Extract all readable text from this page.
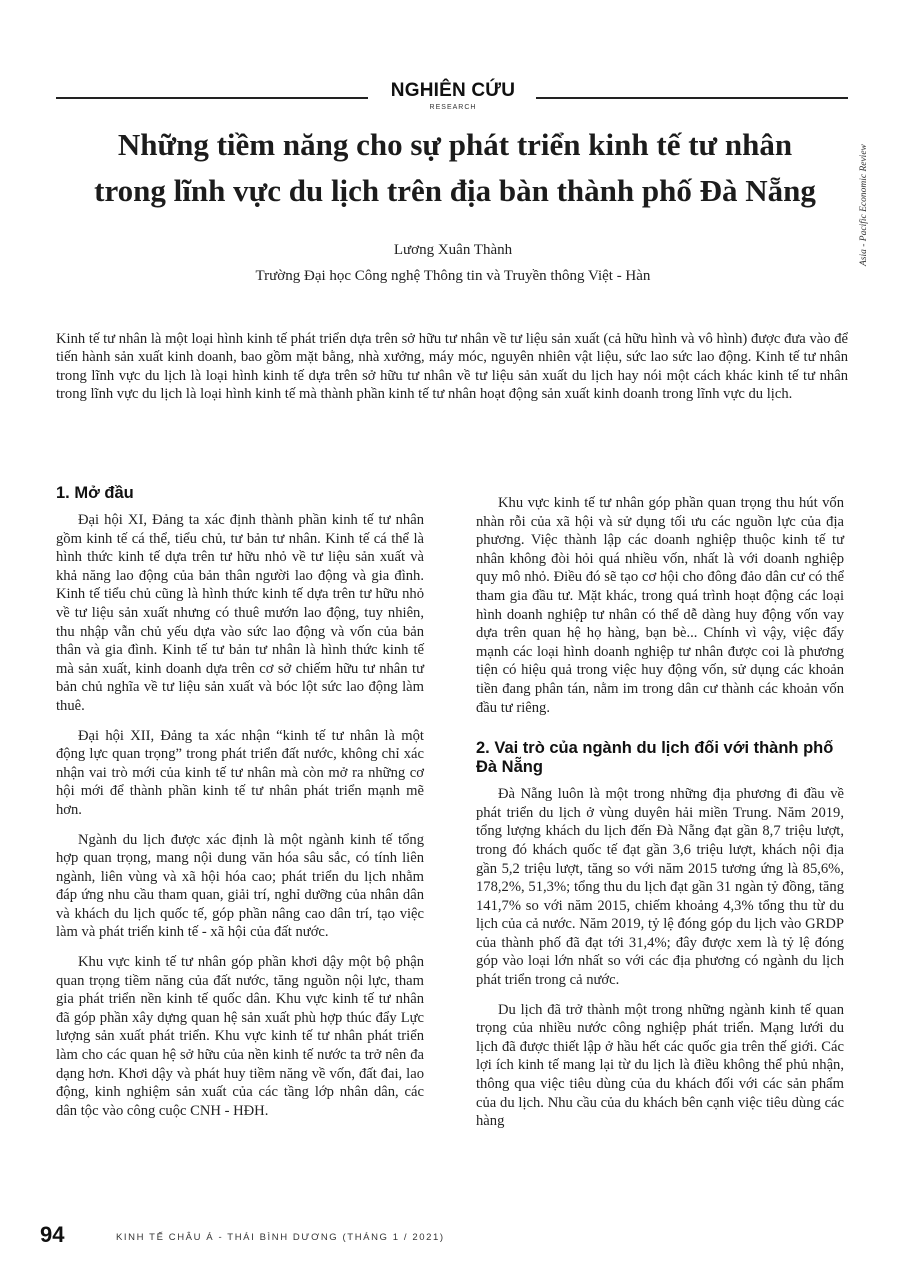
NGHIÊN CỨU
RESEARCH
Asia - Pacific Economic Review
Những tiềm năng cho sự phát triển kinh tế tư nhân
trong lĩnh vực du lịch trên địa bàn thành phố Đà Nẵng
Lương Xuân Thành
Trường Đại học Công nghệ Thông tin và Truyền thông Việt - Hàn

Kinh tế tư nhân là một loại hình kinh tế phát triển dựa trên sở hữu tư nhân về tư liệu sản xuất (cả hữu hình và vô hình) được đưa vào để tiến hành sản xuất kinh doanh, bao gồm mặt bằng, nhà xưởng, máy móc, nguyên nhiên vật liệu, sức lao sức lao động. Kinh tế tư nhân trong lĩnh vực du lịch là loại hình kinh tế dựa trên sở hữu tư nhân về tư liệu sản xuất du lịch hay nói một cách khác kinh tế tư nhân trong lĩnh vực du lịch là loại hình kinh tế mà thành phần kinh tế tư nhân hoạt động sản xuất kinh doanh trong lĩnh vực du lịch.

1. Mở đầu

Đại hội XI, Đảng ta xác định thành phần kinh tế tư nhân gồm kinh tế cá thể, tiểu chủ, tư bản tư nhân. Kinh tế cá thể là hình thức kinh tế dựa trên tư hữu nhỏ về tư liệu sản xuất và khả năng lao động của bản thân người lao động và gia đình. Kinh tế tiểu chủ cũng là hình thức kinh tế dựa trên tư hữu nhỏ về tư liệu sản xuất nhưng có thuê mướn lao động, tuy nhiên, thu nhập vẫn chủ yếu dựa vào sức lao động và vốn của bản thân và gia đình. Kinh tế tư bản tư nhân là hình thức kinh tế mà sản xuất, kinh doanh dựa trên cơ sở chiếm hữu tư nhân tư bản chủ nghĩa về tư liệu sản xuất và bóc lột sức lao động làm thuê.

Đại hội XII, Đảng ta xác nhận “kinh tế tư nhân là một động lực quan trọng” trong phát triển đất nước, không chỉ xác nhận vai trò mới của kinh tế tư nhân mà còn mở ra những cơ hội mới để thành phần kinh tế tư nhân phát triển mạnh mẽ hơn.

Ngành du lịch được xác định là một ngành kinh tế tổng hợp quan trọng, mang nội dung văn hóa sâu sắc, có tính liên ngành, liên vùng và xã hội hóa cao; phát triển du lịch nhằm đáp ứng nhu cầu tham quan, giải trí, nghỉ dưỡng của nhân dân và khách du lịch quốc tế, góp phần nâng cao dân trí, tạo việc làm và phát triển kinh tế - xã hội của đất nước.

Khu vực kinh tế tư nhân góp phần khơi dậy một bộ phận quan trọng tiềm năng của đất nước, tăng nguồn nội lực, tham gia phát triển nền kinh tế quốc dân. Khu vực kinh tế tư nhân đã góp phần xây dựng quan hệ sản xuất phù hợp thúc đẩy Lực lượng sản xuất phát triển. Khu vực kinh tế tư nhân phát triển làm cho các quan hệ sở hữu của nền kinh tế nước ta trở nên đa dạng hơn. Khơi dậy và phát huy tiềm năng về vốn, đất đai, lao động, kinh nghiệm sản xuất của các tầng lớp nhân dân, các dân tộc vào công cuộc CNH - HĐH.

Khu vực kinh tế tư nhân góp phần quan trọng thu hút vốn nhàn rỗi của xã hội và sử dụng tối ưu các nguồn lực của địa phương. Việc thành lập các doanh nghiệp thuộc kinh tế tư nhân không đòi hỏi quá nhiều vốn, nhất là với doanh nghiệp quy mô nhỏ. Điều đó sẽ tạo cơ hội cho đông đảo dân cư có thể tham gia đầu tư. Mặt khác, trong quá trình hoạt động các loại hình doanh nghiệp tư nhân có thể dễ dàng huy động vốn vay dựa trên quan hệ họ hàng, bạn bè... Chính vì vậy, việc đẩy mạnh các loại hình doanh nghiệp tư nhân được coi là phương tiện có hiệu quả trong việc huy động vốn, sử dụng các khoản tiền đang phân tán, nằm im trong dân cư thành các khoản vốn đầu tư riêng.

2. Vai trò của ngành du lịch đối với thành phố Đà Nẵng

Đà Nẵng luôn là một trong những địa phương đi đầu về phát triển du lịch ở vùng duyên hải miền Trung. Năm 2019, tổng lượng khách du lịch đến Đà Nẵng đạt gần 8,7 triệu lượt, trong đó khách quốc tế đạt gần 3,6 triệu lượt, khách nội địa gần 5,2 triệu lượt, tăng so với năm 2015 tương ứng là 85,6%, 178,2%, 51,3%; tổng thu du lịch đạt gần 31 ngàn tỷ đồng, tăng 141,7% so với năm 2015, chiếm khoảng 4,3% tổng thu từ du lịch của cả nước. Năm 2019, tỷ lệ đóng góp du lịch vào GRDP của thành phố đã đạt tới 31,4%; đây được xem là tỷ lệ đóng góp vào loại lớn nhất so với các địa phương có ngành du lịch phát triển trong cả nước.

Du lịch đã trở thành một trong những ngành kinh tế quan trọng của nhiều nước công nghiệp phát triển. Mạng lưới du lịch đã được thiết lập ở hầu hết các quốc gia trên thế giới. Các lợi ích kinh tế mang lại từ du lịch là điều không thể phủ nhận, thông qua việc tiêu dùng của du khách đối với các sản phẩm của du lịch. Nhu cầu của du khách bên cạnh việc tiêu dùng các hàng

94	KINH TẾ CHÂU Á - THÁI BÌNH DƯƠNG (THÁNG 1 / 2021)
